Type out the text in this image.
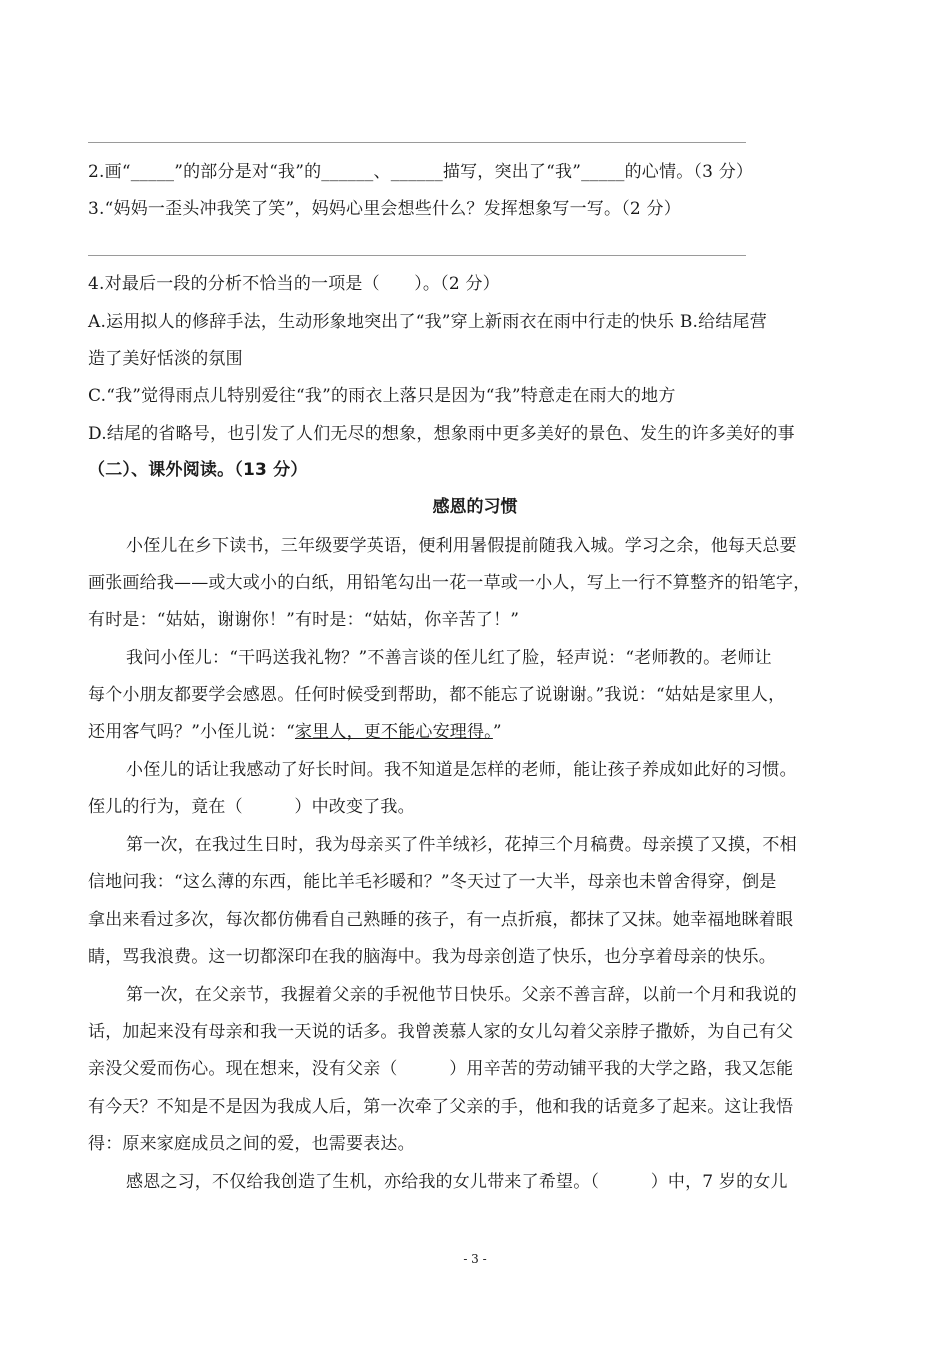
2.画“_____”的部分是对“我”的______、______描写，突出了“我”_____的心情。（3 分）
3.“妈妈一歪头冲我笑了笑”，妈妈心里会想些什么？发挥想象写一写。（2 分）
4.对最后一段的分析不恰当的一项是（　　）。（2 分）
A.运用拟人的修辞手法，生动形象地突出了“我”穿上新雨衣在雨中行走的快乐 B.给结尾营
造了美好恬淡的氛围
C.“我”觉得雨点儿特别爱往“我”的雨衣上落只是因为“我”特意走在雨大的地方
D.结尾的省略号，也引发了人们无尽的想象，想象雨中更多美好的景色、发生的许多美好的事
（二）、课外阅读。（13 分）
感恩的习惯
小侄儿在乡下读书，三年级要学英语，便利用暑假提前随我入城。学习之余，他每天总要
画张画给我——或大或小的白纸，用铅笔勾出一花一草或一小人，写上一行不算整齐的铅笔字，
有时是：“姑姑，谢谢你！”有时是：“姑姑，你辛苦了！”
我问小侄儿：“干吗送我礼物？”不善言谈的侄儿红了脸，轻声说：“老师教的。老师让
每个小朋友都要学会感恩。任何时候受到帮助，都不能忘了说谢谢。”我说：“姑姑是家里人，
还用客气吗？”小侄儿说：“家里人，更不能心安理得。”
小侄儿的话让我感动了好长时间。我不知道是怎样的老师，能让孩子养成如此好的习惯。
侄儿的行为，竟在（　　　）中改变了我。
第一次，在我过生日时，我为母亲买了件羊绒衫，花掉三个月稿费。母亲摸了又摸，不相
信地问我：“这么薄的东西，能比羊毛衫暖和？”冬天过了一大半，母亲也未曾舍得穿，倒是
拿出来看过多次，每次都仿佛看自己熟睡的孩子，有一点折痕，都抹了又抹。她幸福地眯着眼
睛，骂我浪费。这一切都深印在我的脑海中。我为母亲创造了快乐，也分享着母亲的快乐。
第一次，在父亲节，我握着父亲的手祝他节日快乐。父亲不善言辞，以前一个月和我说的
话，加起来没有母亲和我一天说的话多。我曾羡慕人家的女儿勾着父亲脖子撒娇，为自己有父
亲没父爱而伤心。现在想来，没有父亲（　　　）用辛苦的劳动铺平我的大学之路，我又怎能
有今天？不知是不是因为我成人后，第一次牵了父亲的手，他和我的话竟多了起来。这让我悟
得：原来家庭成员之间的爱，也需要表达。
感恩之习，不仅给我创造了生机，亦给我的女儿带来了希望。（　　　）中，7 岁的女儿
- 3 -
